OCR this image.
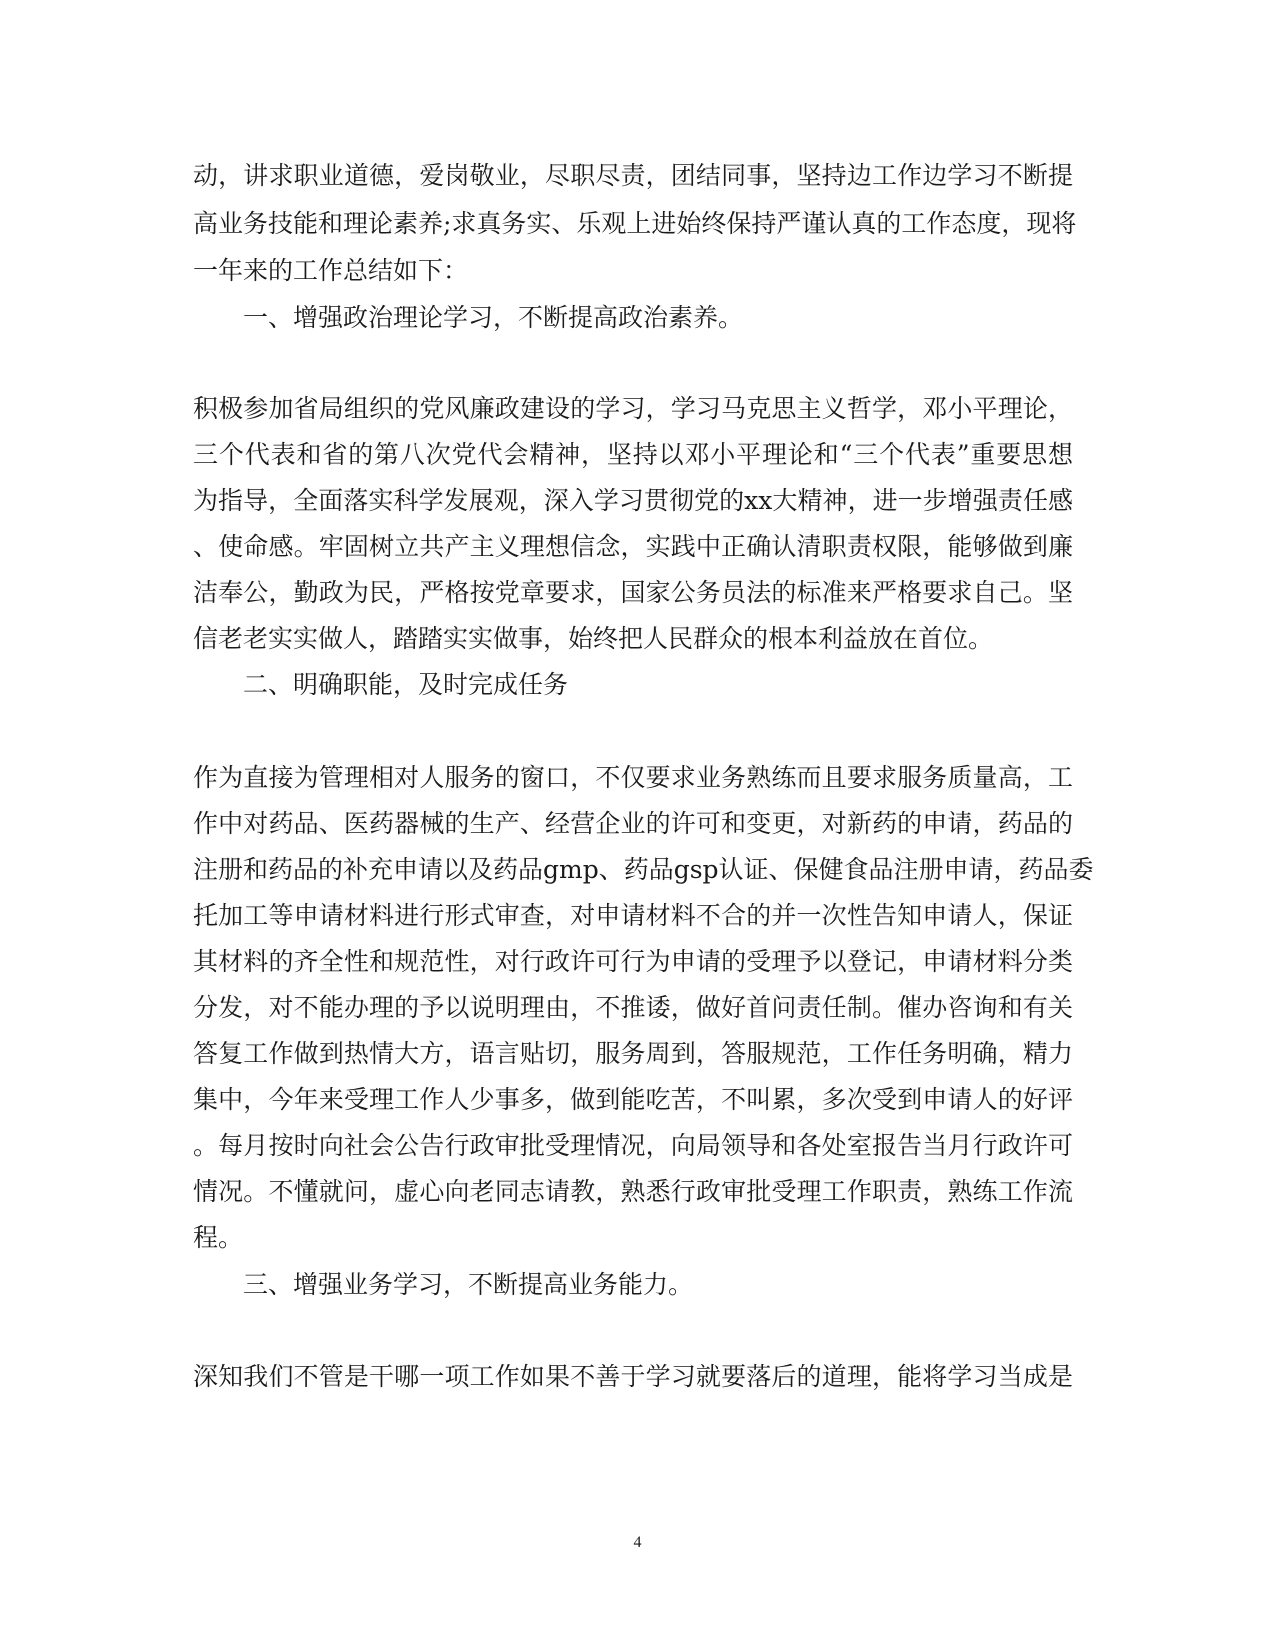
动，讲求职业道德，爱岗敬业，尽职尽责，团结同事，坚持边工作边学习不断提
高业务技能和理论素养;求真务实、乐观上进始终保持严谨认真的工作态度，现将
一年来的工作总结如下：
一、增强政治理论学习，不断提高政治素养。
积极参加省局组织的党风廉政建设的学习，学习马克思主义哲学，邓小平理论，
三个代表和省的第八次党代会精神，坚持以邓小平理论和“三个代表”重要思想
为指导，全面落实科学发展观，深入学习贯彻党的xx大精神，进一步增强责任感
、使命感。牢固树立共产主义理想信念，实践中正确认清职责权限，能够做到廉
洁奉公，勤政为民，严格按党章要求，国家公务员法的标准来严格要求自己。坚
信老老实实做人，踏踏实实做事，始终把人民群众的根本利益放在首位。
二、明确职能，及时完成任务
作为直接为管理相对人服务的窗口，不仅要求业务熟练而且要求服务质量高，工
作中对药品、医药器械的生产、经营企业的许可和变更，对新药的申请，药品的
注册和药品的补充申请以及药品gmp、药品gsp认证、保健食品注册申请，药品委
托加工等申请材料进行形式审查，对申请材料不合的并一次性告知申请人，保证
其材料的齐全性和规范性，对行政许可行为申请的受理予以登记，申请材料分类
分发，对不能办理的予以说明理由，不推诿，做好首问责任制。催办咨询和有关
答复工作做到热情大方，语言贴切，服务周到，答服规范，工作任务明确，精力
集中，今年来受理工作人少事多，做到能吃苦，不叫累，多次受到申请人的好评
。每月按时向社会公告行政审批受理情况，向局领导和各处室报告当月行政许可
情况。不懂就问，虚心向老同志请教，熟悉行政审批受理工作职责，熟练工作流
程。
三、增强业务学习，不断提高业务能力。
深知我们不管是干哪一项工作如果不善于学习就要落后的道理，能将学习当成是
4
